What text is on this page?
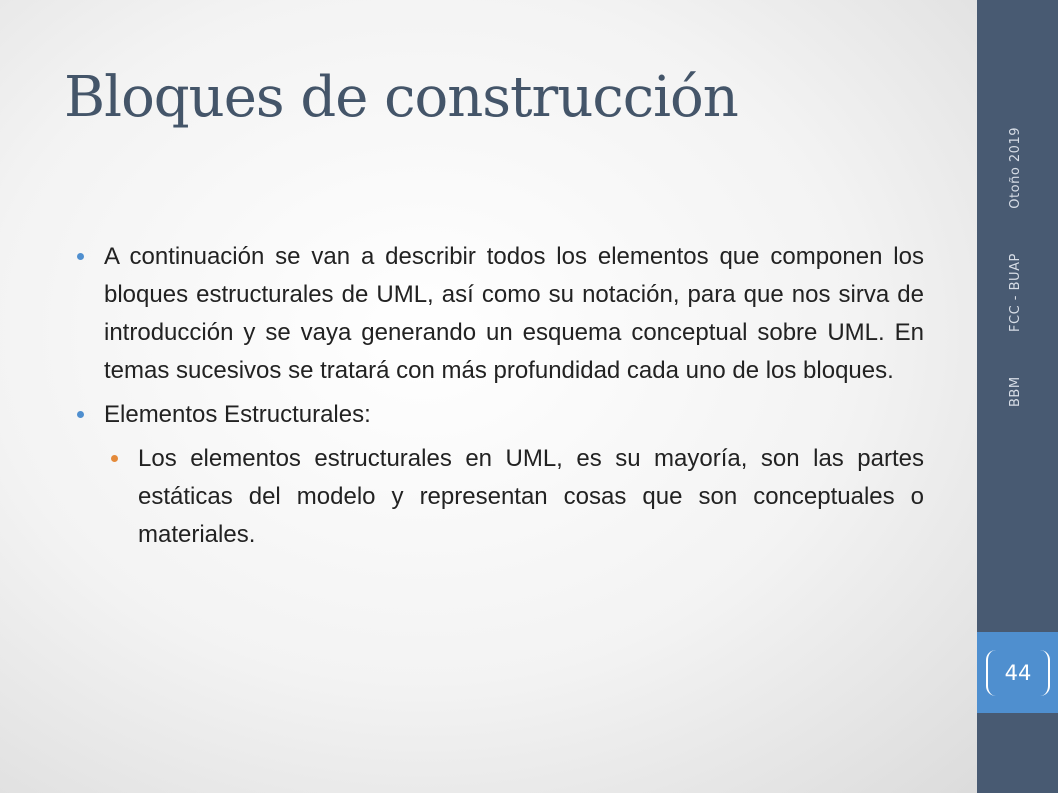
Bloques de construcción
A continuación se van a describir todos los elementos que componen los bloques estructurales de UML, así como su notación, para que nos sirva de introducción y se vaya generando un esquema conceptual sobre UML. En temas sucesivos se tratará con más profundidad cada uno de los bloques.
Elementos Estructurales:
Los elementos estructurales en UML, es su mayoría, son las partes estáticas del modelo y representan cosas que son conceptuales o materiales.
44
BBM
FCC - BUAP
Otoño 2019
